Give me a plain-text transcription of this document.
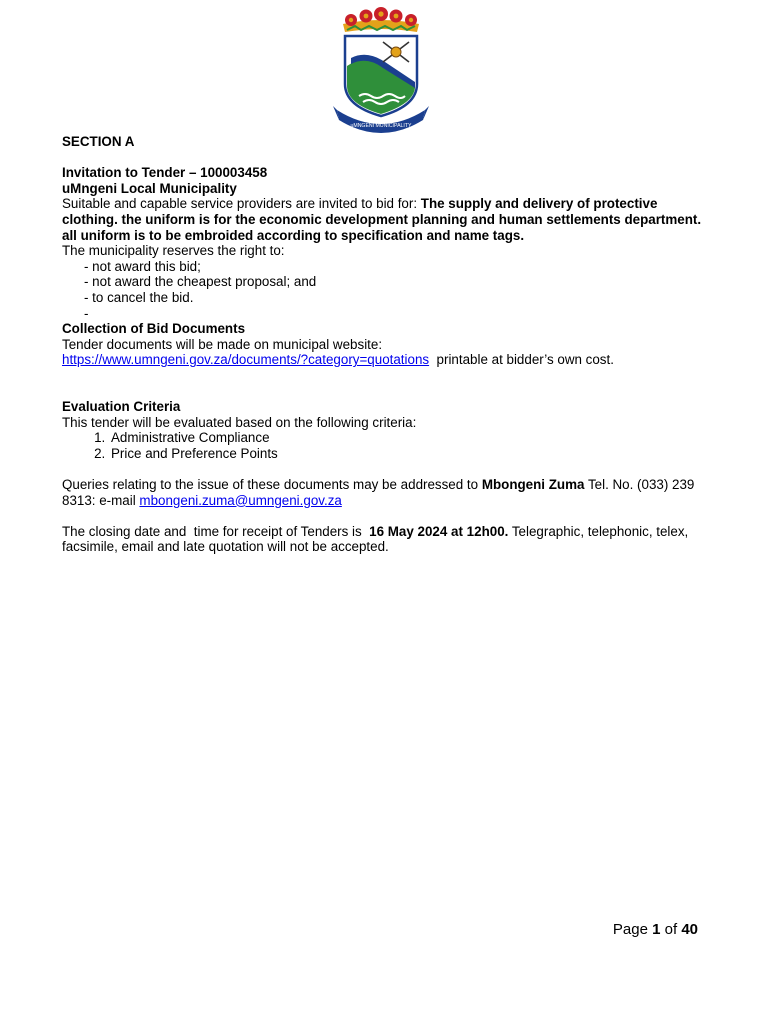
uMNGENI MUNICIPALITY

SECTION A

Invitation to Tender – 100003458

uMngeni Local Municipality

Suitable and capable service providers are invited to bid for: The supply and delivery of protective clothing. the uniform is for the economic development planning and human settlements department. all uniform is to be embroided according to specification and name tags.

The municipality reserves the right to:

- not award this bid;

- not award the cheapest proposal; and

- to cancel the bid.

-

Collection of Bid Documents

Tender documents will be made on municipal website:

https://www.umngeni.gov.za/documents/?category=quotations  printable at bidder’s own cost.

Evaluation Criteria

This tender will be evaluated based on the following criteria:

1. Administrative Compliance
2. Price and Preference Points

Queries relating to the issue of these documents may be addressed to Mbongeni Zuma Tel. No. (033) 239 8313: e-mail mbongeni.zuma@umngeni.gov.za

The closing date and  time for receipt of Tenders is  16 May 2024 at 12h00. Telegraphic, telephonic, telex, facsimile, email and late quotation will not be accepted.

Page 1 of 40
